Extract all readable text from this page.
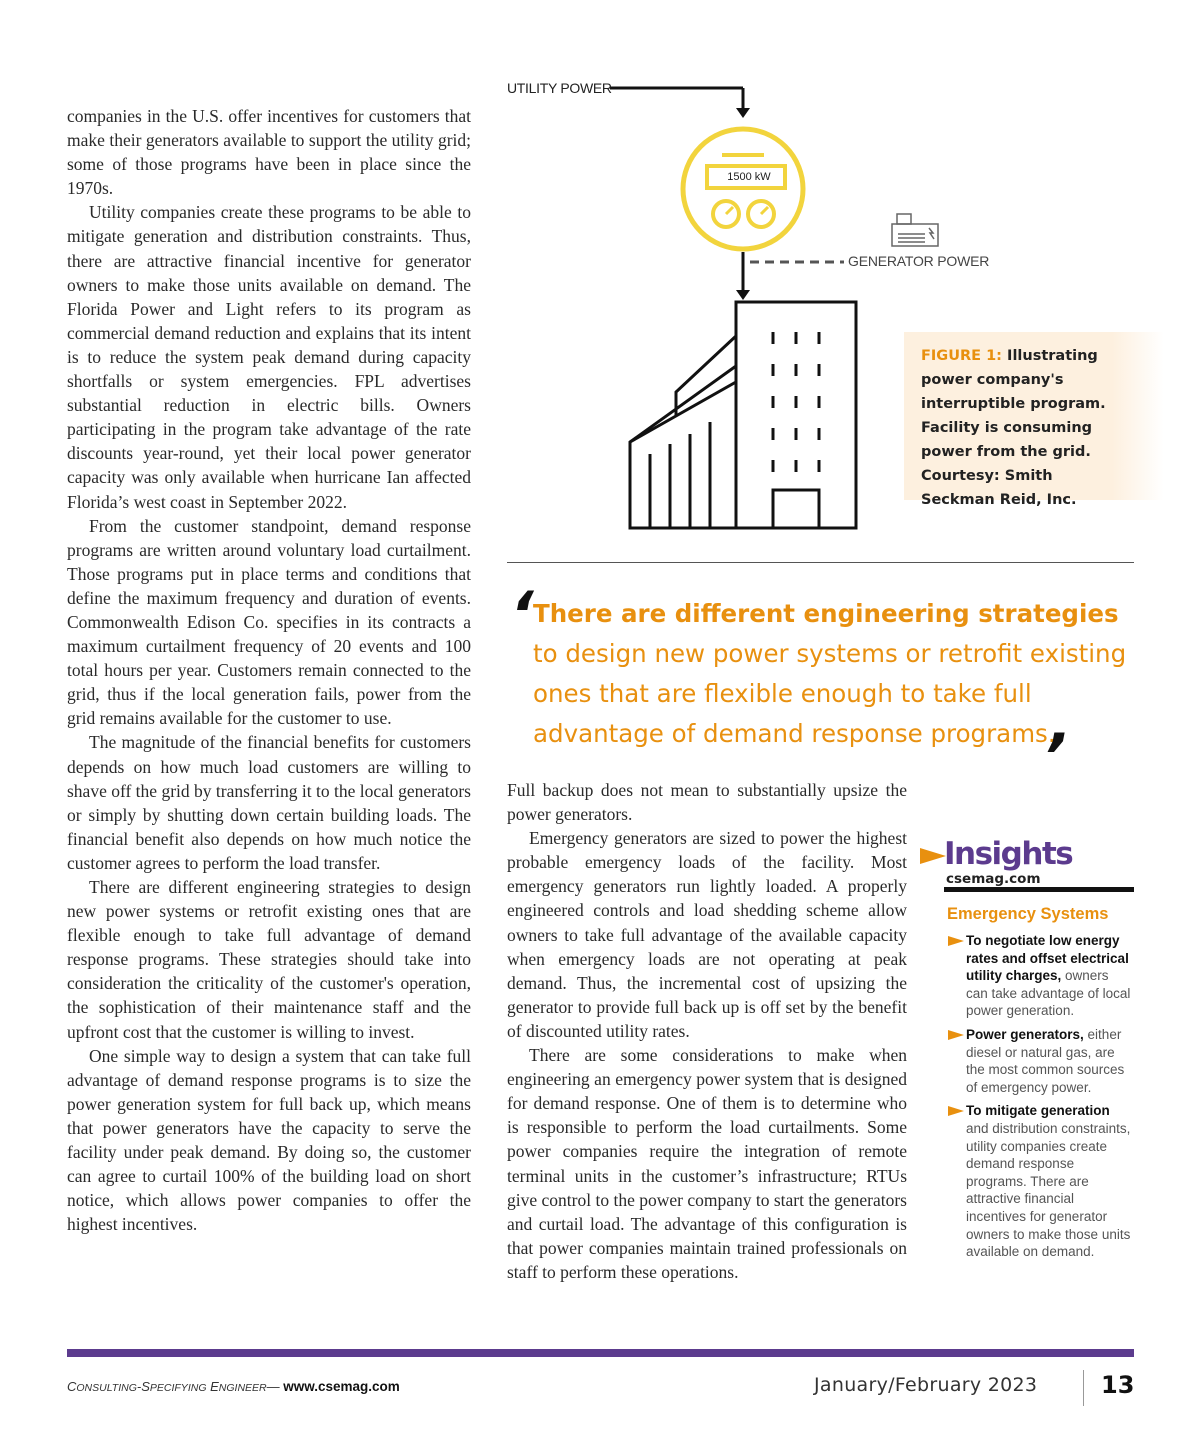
companies in the U.S. offer incentives for customers that make their generators available to support the utility grid; some of those programs have been in place since the 1970s.

Utility companies create these programs to be able to mitigate generation and distribution constraints. Thus, there are attractive financial incentive for generator owners to make those units available on demand. The Florida Power and Light refers to its program as commercial demand reduction and explains that its intent is to reduce the system peak demand during capacity shortfalls or system emergencies. FPL advertises substantial reduction in electric bills. Owners participating in the program take advantage of the rate discounts year-round, yet their local power generator capacity was only available when hurricane Ian affected Florida’s west coast in September 2022.

From the customer standpoint, demand response programs are written around voluntary load curtailment. Those programs put in place terms and conditions that define the maximum frequency and duration of events. Commonwealth Edison Co. specifies in its contracts a maximum curtailment frequency of 20 events and 100 total hours per year. Customers remain connected to the grid, thus if the local generation fails, power from the grid remains available for the customer to use.

The magnitude of the financial benefits for customers depends on how much load customers are willing to shave off the grid by transferring it to the local generators or simply by shutting down certain building loads. The financial benefit also depends on how much notice the customer agrees to perform the load transfer.

There are different engineering strategies to design new power systems or retrofit existing ones that are flexible enough to take full advantage of demand response programs. These strategies should take into consideration the criticality of the customer's operation, the sophistication of their maintenance staff and the upfront cost that the customer is willing to invest.

One simple way to design a system that can take full advantage of demand response programs is to size the power generation system for full back up, which means that power generators have the capacity to serve the facility under peak demand. By doing so, the customer can agree to curtail 100% of the building load on short notice, which allows power companies to offer the highest incentives.

UTILITY POWER
1500 kW
GENERATOR POWER
FIGURE 1: Illustrating power company's interruptible program. Facility is consuming power from the grid. Courtesy: Smith Seckman Reid, Inc.
‘ There are different engineering strategies
to design new power systems or retrofit existing
ones that are flexible enough to take full
advantage of demand response programs.
’

Full backup does not mean to substantially upsize the power generators.

Emergency generators are sized to power the highest probable emergency loads of the facility. Most emergency generators run lightly loaded. A properly engineered controls and load shedding scheme allow owners to take full advantage of the available capacity when emergency loads are not operating at peak demand. Thus, the incremental cost of upsizing the generator to provide full back up is off set by the benefit of discounted utility rates.

There are some considerations to make when engineering an emergency power system that is designed for demand response. One of them is to determine who is responsible to perform the load curtailments. Some power companies require the integration of remote terminal units in the customer’s infrastructure; RTUs give control to the power company to start the generators and curtail load. The advantage of this configuration is that power companies maintain trained professionals on staff to perform these operations.

Insights
csemag.com
Emergency Systems
To negotiate low energy rates and offset electrical utility charges, owners can take advantage of local power generation.
Power generators, either diesel or natural gas, are the most common sources of emergency power.
To mitigate generation and distribution constraints, utility companies create demand response programs. There are attractive financial incentives for generator owners to make those units available on demand.
CONSULTING-SPECIFYING ENGINEER— www.csemag.com	January/February 2023	13
